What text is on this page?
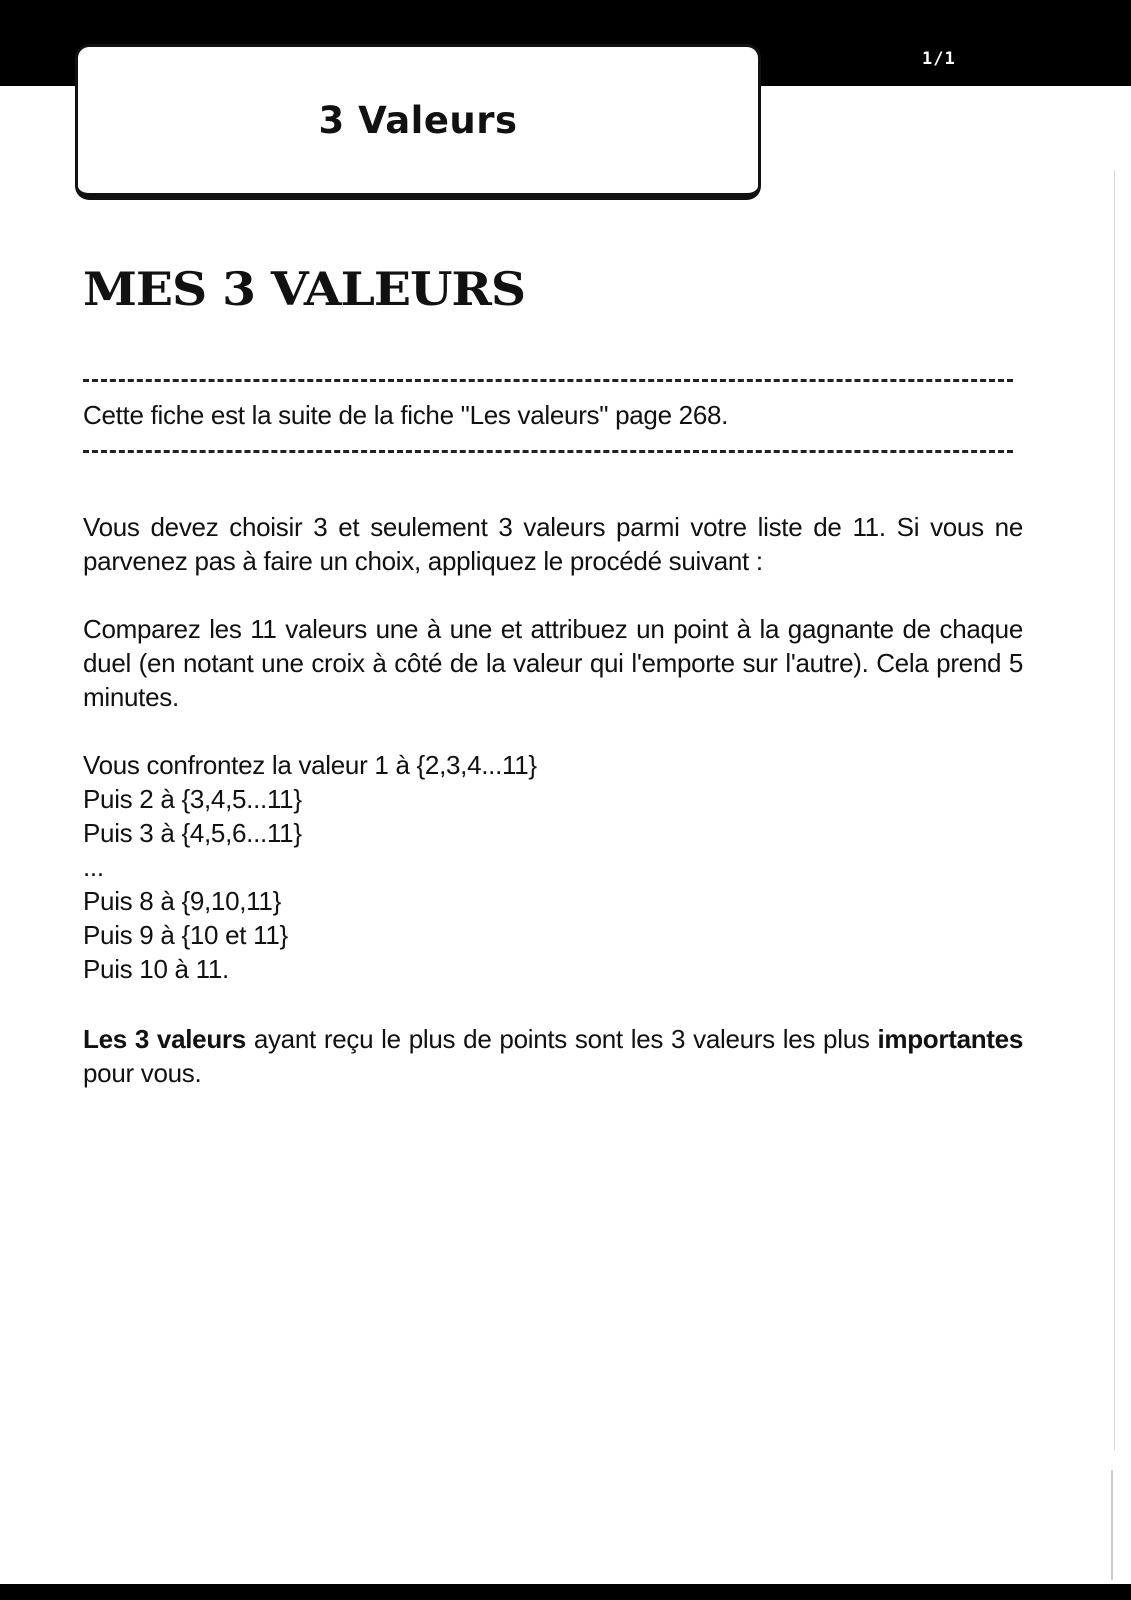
1/1
3 Valeurs
MES 3 VALEURS
Cette fiche est la suite de la fiche "Les valeurs" page 268.

Vous devez choisir 3 et seulement 3 valeurs parmi votre liste de 11. Si vous ne parvenez pas à faire un choix, appliquez le procédé suivant :

Comparez les 11 valeurs une à une et attribuez un point à la gagnante de chaque duel (en notant une croix à côté de la valeur qui l'emporte sur l'autre). Cela prend 5 minutes.

Vous confrontez la valeur 1 à {2,3,4...11}
Puis 2 à {3,4,5...11}
Puis 3 à {4,5,6...11}
...
Puis 8 à {9,10,11}
Puis 9 à {10 et 11}
Puis 10 à 11.

Les 3 valeurs ayant reçu le plus de points sont les 3 valeurs les plus importantes pour vous.
